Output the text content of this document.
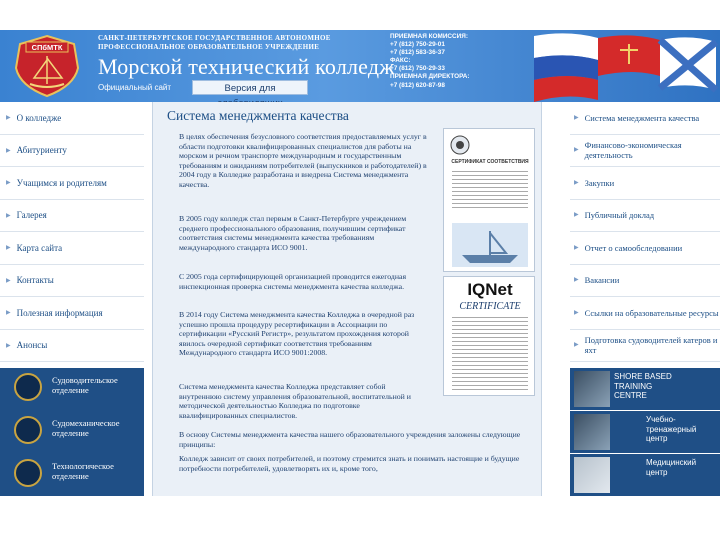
СПбМТК
САНКТ-ПЕТЕРБУРГСКОЕ ГОСУДАРСТВЕННОЕ АВТОНОМНОЕ
ПРОФЕССИОНАЛЬНОЕ ОБРАЗОВАТЕЛЬНОЕ УЧРЕЖДЕНИЕ
Морской технический колледж
Официальный сайт	Версия для
ПРИЕМНАЯ КОМИССИЯ:
+7 (812) 750-29-01
+7 (812) 583-36-37
ФАКС:
+7 (812) 750-29-33
ПРИЕМНАЯ ДИРЕКТОРА:
+7 (812) 620-87-98
▶ О колледже
▶ Абитуриенту
▶ Учащимся и родителям
▶ Галерея
▶ Карта сайта
▶ Контакты
▶ Полезная информация
▶ Анонсы
Судоводительское отделение
Судомеханическое отделение
Технологическое отделение
Система менеджмента качества
В целях обеспечения безусловного соответствия предоставляемых услуг в области подготовки квалифицированных специалистов для работы на морском и речном транспорте международным и государственным требованиям и ожиданиям потребителей (выпускников и работодателей) в 2004 году в Колледже разработана и внедрена Система менеджмента качества.
В 2005 году колледж стал первым в Санкт-Петербурге учреждением среднего профессионального образования, получившим сертификат соответствия системы менеджмента качества требованиям международного стандарта ИСО 9001.
С 2005 года сертифицирующей организацией проводится ежегодная инспекционная проверка системы менеджмента качества колледжа.
В 2014 году Система менеджмента качества Колледжа в очередной раз успешно прошла процедуру ресертификации в Ассоциации по сертификации «Русский Регистр», результатом прохождения которой явилось очередной сертификат соответствия требованиям Международного стандарта ИСО 9001:2008.
Система менеджмента качества Колледжа представляет собой внутреннюю систему управления образовательной, воспитательной и методической деятельностью Колледжа по подготовке квалифицированных специалистов.
В основу Системы менеджмента качества нашего образовательного учреждения заложены следующие принципы:
Колледж зависит от своих потребителей, и поэтому стремится знать и понимать настоящие и будущие потребности потребителей, удовлетворять их и, кроме того,
СЕРТИФИКАТ СООТВЕТСТВИЯ
IQNet
CERTIFICATE
▶ Система менеджмента качества
▶ Финансово-экономическая деятельность
▶ Закупки
▶ Публичный доклад
▶ Отчет о самообследовании
▶ Вакансии
▶ Ссылки на образовательные ресурсы
▶ Подготовка судоводителей катеров и яхт
SHORE BASED TRAINING CENTRE
Учебно-тренажерный центр
Медицинский центр
